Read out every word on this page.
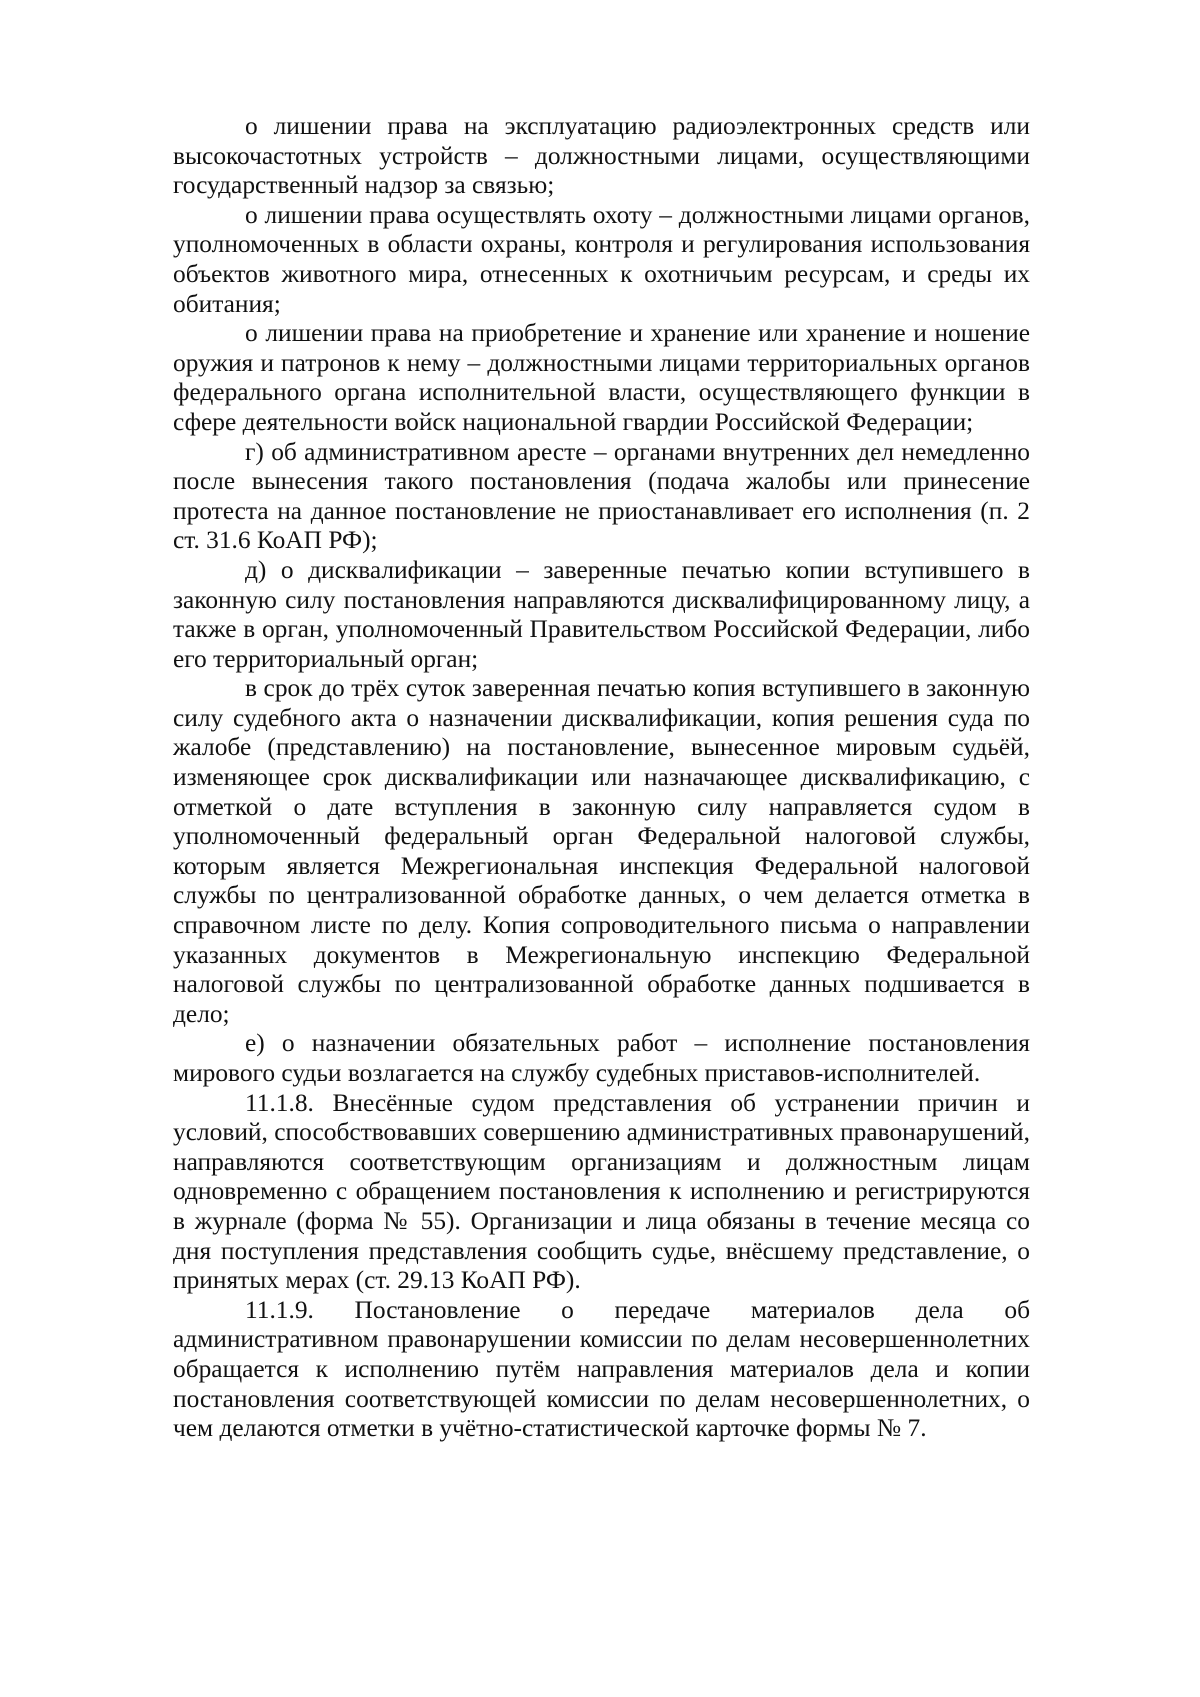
о лишении права на эксплуатацию радиоэлектронных средств или высокочастотных устройств – должностными лицами, осуществляющими государственный надзор за связью;

о лишении права осуществлять охоту – должностными лицами органов, уполномоченных в области охраны, контроля и регулирования использования объектов животного мира, отнесенных к охотничьим ресурсам, и среды их обитания;

о лишении права на приобретение и хранение или хранение и ношение оружия и патронов к нему – должностными лицами территориальных органов федерального органа исполнительной власти, осуществляющего функции в сфере деятельности войск национальной гвардии Российской Федерации;

г) об административном аресте – органами внутренних дел немедленно после вынесения такого постановления (подача жалобы или принесение протеста на данное постановление не приостанавливает его исполнения (п. 2 ст. 31.6 КоАП РФ);

д) о дисквалификации – заверенные печатью копии вступившего в законную силу постановления направляются дисквалифицированному лицу, а также в орган, уполномоченный Правительством Российской Федерации, либо его территориальный орган;

в срок до трёх суток заверенная печатью копия вступившего в законную силу судебного акта о назначении дисквалификации, копия решения суда по жалобе (представлению) на постановление, вынесенное мировым судьёй, изменяющее срок дисквалификации или назначающее дисквалификацию, с отметкой о дате вступления в законную силу направляется судом в уполномоченный федеральный орган Федеральной налоговой службы, которым является Межрегиональная инспекция Федеральной налоговой службы по централизованной обработке данных, о чем делается отметка в справочном листе по делу. Копия сопроводительного письма о направлении указанных документов в Межрегиональную инспекцию Федеральной налоговой службы по централизованной обработке данных подшивается в дело;

е) о назначении обязательных работ – исполнение постановления мирового судьи возлагается на службу судебных приставов-исполнителей.

11.1.8. Внесённые судом представления об устранении причин и условий, способствовавших совершению административных правонарушений, направляются соответствующим организациям и должностным лицам одновременно с обращением постановления к исполнению и регистрируются в журнале (форма № 55). Организации и лица обязаны в течение месяца со дня поступления представления сообщить судье, внёсшему представление, о принятых мерах (ст. 29.13 КоАП РФ).

11.1.9. Постановление о передаче материалов дела об административном правонарушении комиссии по делам несовершеннолетних обращается к исполнению путём направления материалов дела и копии постановления соответствующей комиссии по делам несовершеннолетних, о чем делаются отметки в учётно-статистической карточке формы № 7.
